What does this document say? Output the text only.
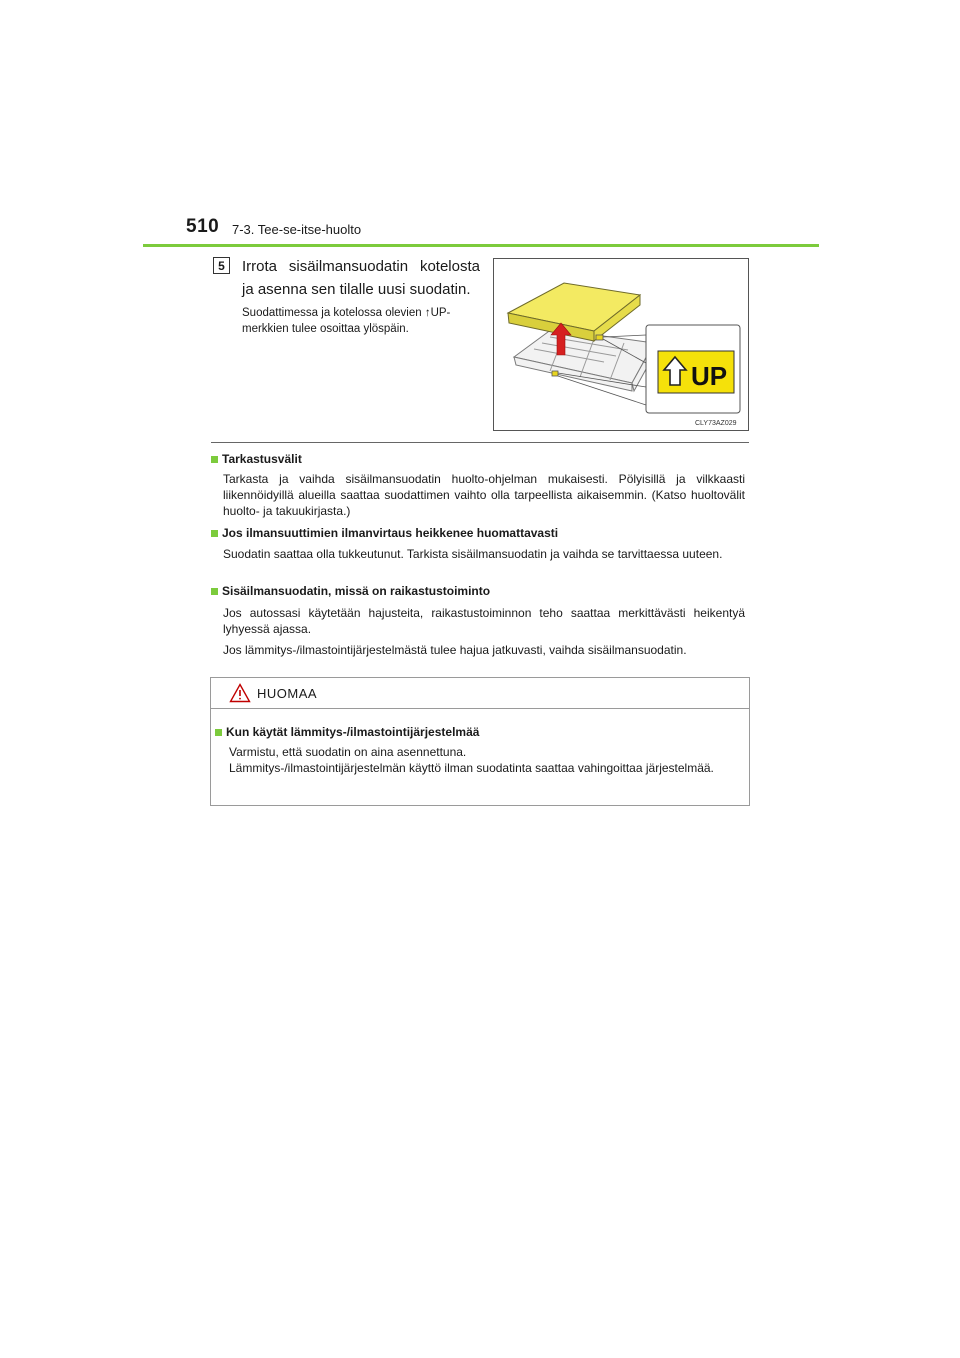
510 7-3. Tee-se-itse-huolto
5	Irrota sisäilmansuodatin kotelosta ja asenna sen tilalle uusi suodatin.
Suodattimessa ja kotelossa olevien ↑UP-merkkien tulee osoittaa ylöspäin.
UP
CLY73AZ029
Tarkastusvälit
Tarkasta ja vaihda sisäilmansuodatin huolto-ohjelman mukaisesti. Pölyisillä ja vilkkaasti liikennöidyillä alueilla saattaa suodattimen vaihto olla tarpeellista aikaisemmin. (Katso huoltovälit huolto- ja takuukirjasta.)
Jos ilmansuuttimien ilmanvirtaus heikkenee huomattavasti
Suodatin saattaa olla tukkeutunut. Tarkista sisäilmansuodatin ja vaihda se tarvittaessa uuteen.
Sisäilmansuodatin, missä on raikastustoiminto
Jos autossasi käytetään hajusteita, raikastustoiminnon teho saattaa merkittävästi heikentyä lyhyessä ajassa.
Jos lämmitys-/ilmastointijärjestelmästä tulee hajua jatkuvasti, vaihda sisäilmansuodatin.
HUOMAA
Kun käytät lämmitys-/ilmastointijärjestelmää
Varmistu, että suodatin on aina asennettuna.
Lämmitys-/ilmastointijärjestelmän käyttö ilman suodatinta saattaa vahingoittaa järjestelmää.
